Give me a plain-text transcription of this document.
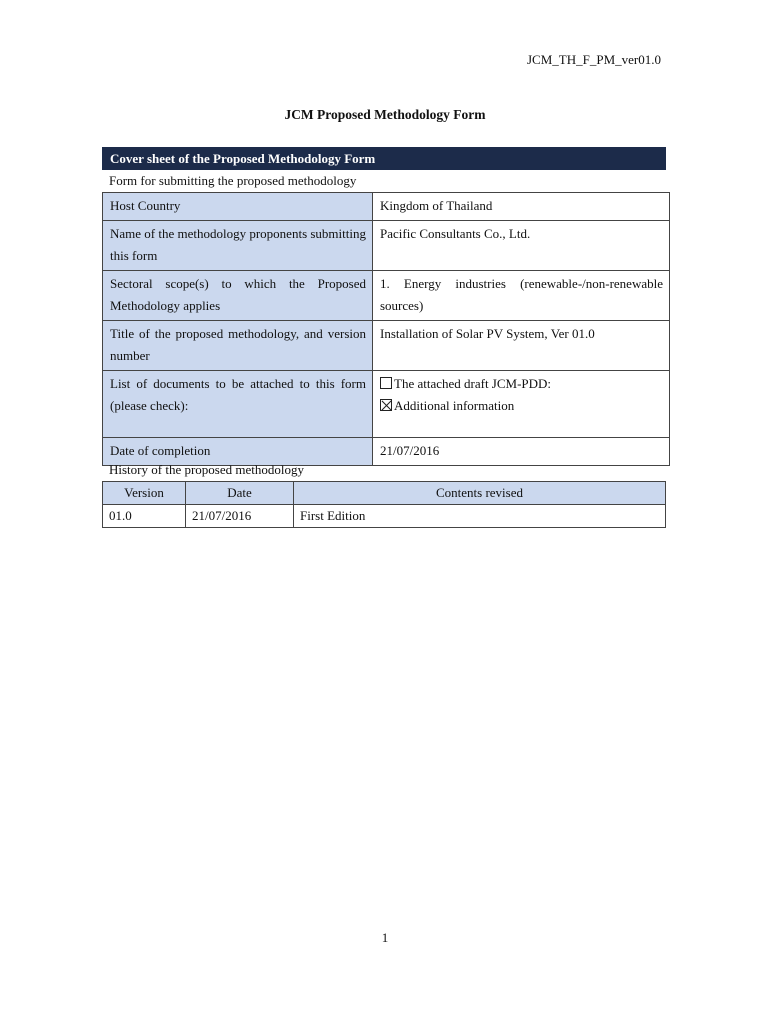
JCM_TH_F_PM_ver01.0
JCM Proposed Methodology Form
Cover sheet of the Proposed Methodology Form
Form for submitting the proposed methodology
Host Country	Kingdom of Thailand
Name of the methodology proponents submitting this form	Pacific Consultants Co., Ltd.
Sectoral scope(s) to which the Proposed Methodology applies	1. Energy industries (renewable-/non-renewable sources)
Title of the proposed methodology, and version number	Installation of Solar PV System, Ver 01.0
List of documents to be attached to this form (please check):	The attached draft JCM-PDD:
Additional information

Date of completion	21/07/2016
History of the proposed methodology
Version	Date	Contents revised
01.0	21/07/2016	First Edition
1
